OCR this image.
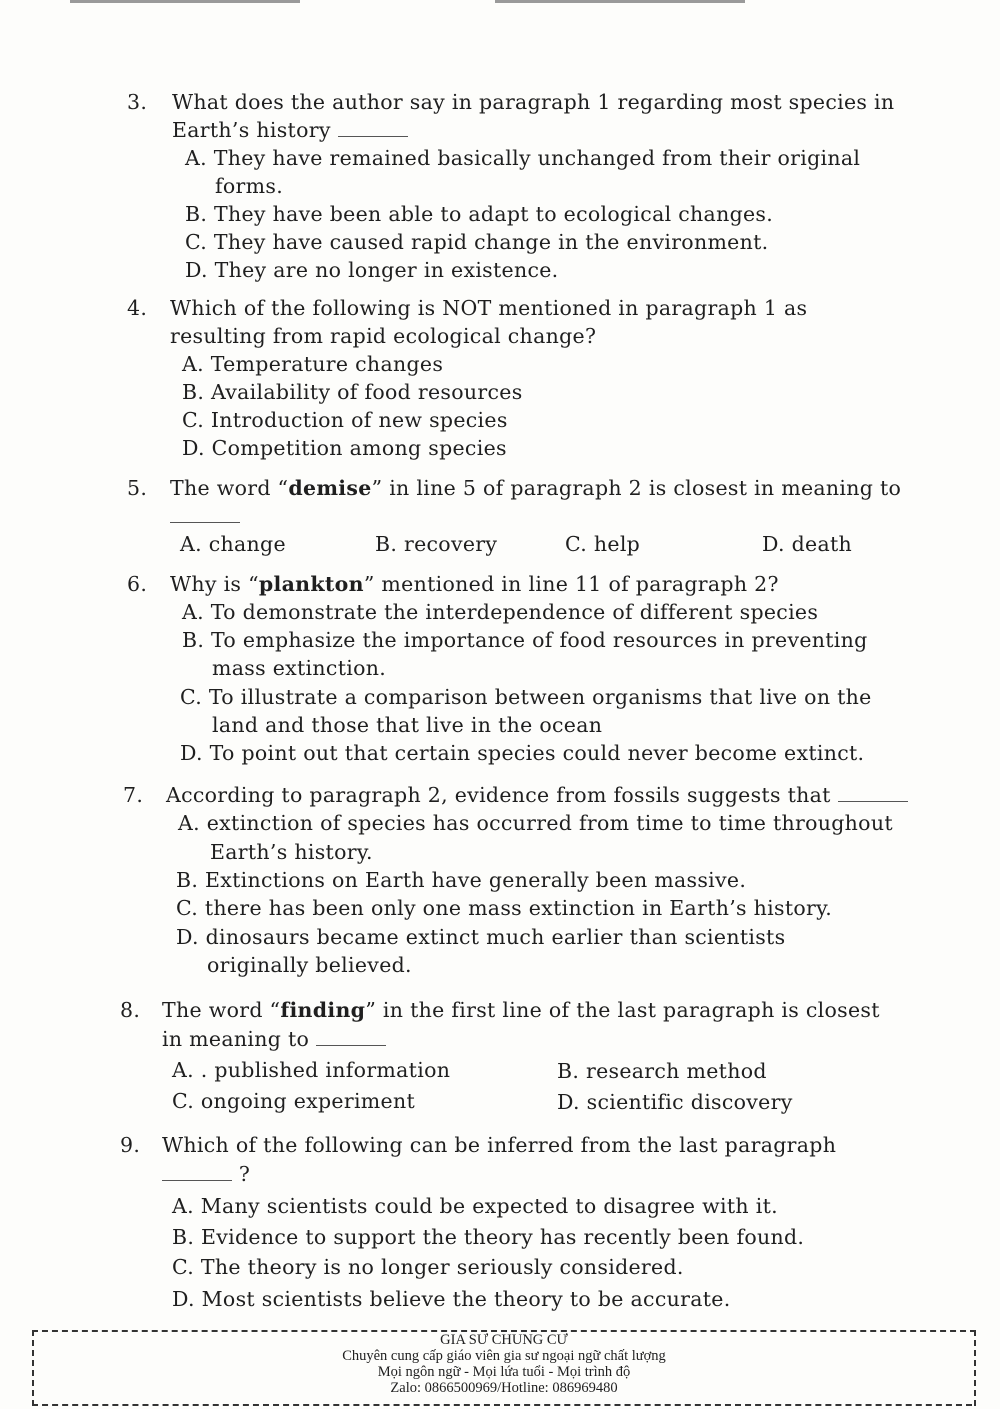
3.	What does the author say in paragraph 1 regarding most species in
Earth’s history
A. They have remained basically unchanged from their original
forms.
B. They have been able to adapt to ecological changes.
C. They have caused rapid change in the environment.
D. They are no longer in existence.
4.	Which of the following is NOT mentioned in paragraph 1 as
resulting from rapid ecological change?
A. Temperature changes
B. Availability of food resources
C. Introduction of new species
D. Competition among species
5.	The word “demise” in line 5 of paragraph 2 is closest in meaning to
A. change	B. recovery	C. help	D. death
6.	Why is “plankton” mentioned in line 11 of paragraph 2?
A. To demonstrate the interdependence of different species
B. To emphasize the importance of food resources in preventing
mass extinction.
C. To illustrate a comparison between organisms that live on the
land and those that live in the ocean
D. To point out that certain species could never become extinct.
7.	According to paragraph 2, evidence from fossils suggests that
A. extinction of species has occurred from time to time throughout
Earth’s history.
B. Extinctions on Earth have generally been massive.
C. there has been only one mass extinction in Earth’s history.
D. dinosaurs became extinct much earlier than scientists
originally believed.
8.	The word “finding” in the first line of the last paragraph is closest
in meaning to
A. . published information	B. research method
C. ongoing experiment	D. scientific discovery
9.	Which of the following can be inferred from the last paragraph
?
A. Many scientists could be expected to disagree with it.
B. Evidence to support the theory has recently been found.
C. The theory is no longer seriously considered.
D. Most scientists believe the theory to be accurate.
GIA SƯ CHUNG CƯ
Chuyên cung cấp giáo viên gia sư ngoại ngữ chất lượng
Mọi ngôn ngữ - Mọi lứa tuổi - Mọi trình độ
Zalo: 0866500969/Hotline: 086969480
